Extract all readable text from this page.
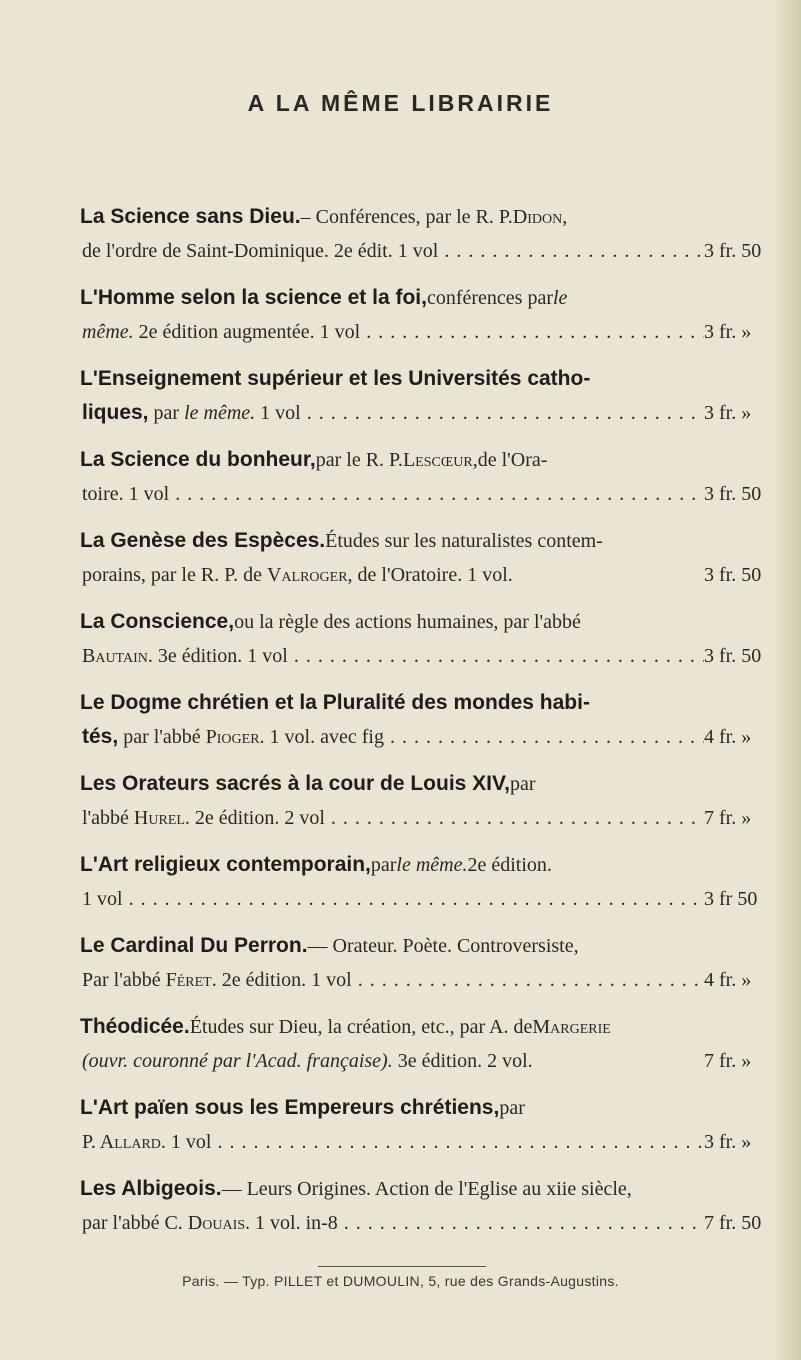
A LA MÊME LIBRAIRIE
La Science sans Dieu. – Conférences, par le R. P. Didon,
de l'ordre de Saint-Dominique. 2e édit. 1 vol . . .	3 fr. 50
L'Homme selon la science et la foi, conférences par le
même. 2e édition augmentée. 1 vol . . .	3 fr. »
L'Enseignement supérieur et les Universités catho-
liques, par le même. 1 vol . . .	3 fr. »
La Science du bonheur, par le R. P. Lescœur, de l'Ora-
toire. 1 vol . . .	3 fr. 50
La Genèse des Espèces. Études sur les naturalistes contem-
porains, par le R. P. de Valroger, de l'Oratoire. 1 vol.	3 fr. 50
La Conscience, ou la règle des actions humaines, par l'abbé
Bautain. 3e édition. 1 vol . . .	3 fr. 50
Le Dogme chrétien et la Pluralité des mondes habi-
tés, par l'abbé Pioger. 1 vol. avec fig . . .	4 fr. »
Les Orateurs sacrés à la cour de Louis XIV, par
l'abbé Hurel. 2e édition. 2 vol . . .	7 fr. »
L'Art religieux contemporain, par le même. 2e édition.
1 vol . . .	3 fr 50
Le Cardinal Du Perron. — Orateur. Poète. Controversiste,
Par l'abbé Féret. 2e édition. 1 vol . . .	4 fr. »
Théodicée. Études sur Dieu, la création, etc., par A. de Margerie
(ouvr. couronné par l'Acad. française). 3e édition. 2 vol.	7 fr. »
L'Art païen sous les Empereurs chrétiens, par
P. Allard. 1 vol . . .	3 fr. »
Les Albigeois. — Leurs Origines. Action de l'Eglise au xiie siècle,
par l'abbé C. Douais. 1 vol. in-8 . . .	7 fr. 50
Paris. — Typ. PILLET et DUMOULIN, 5, rue des Grands-Augustins.
